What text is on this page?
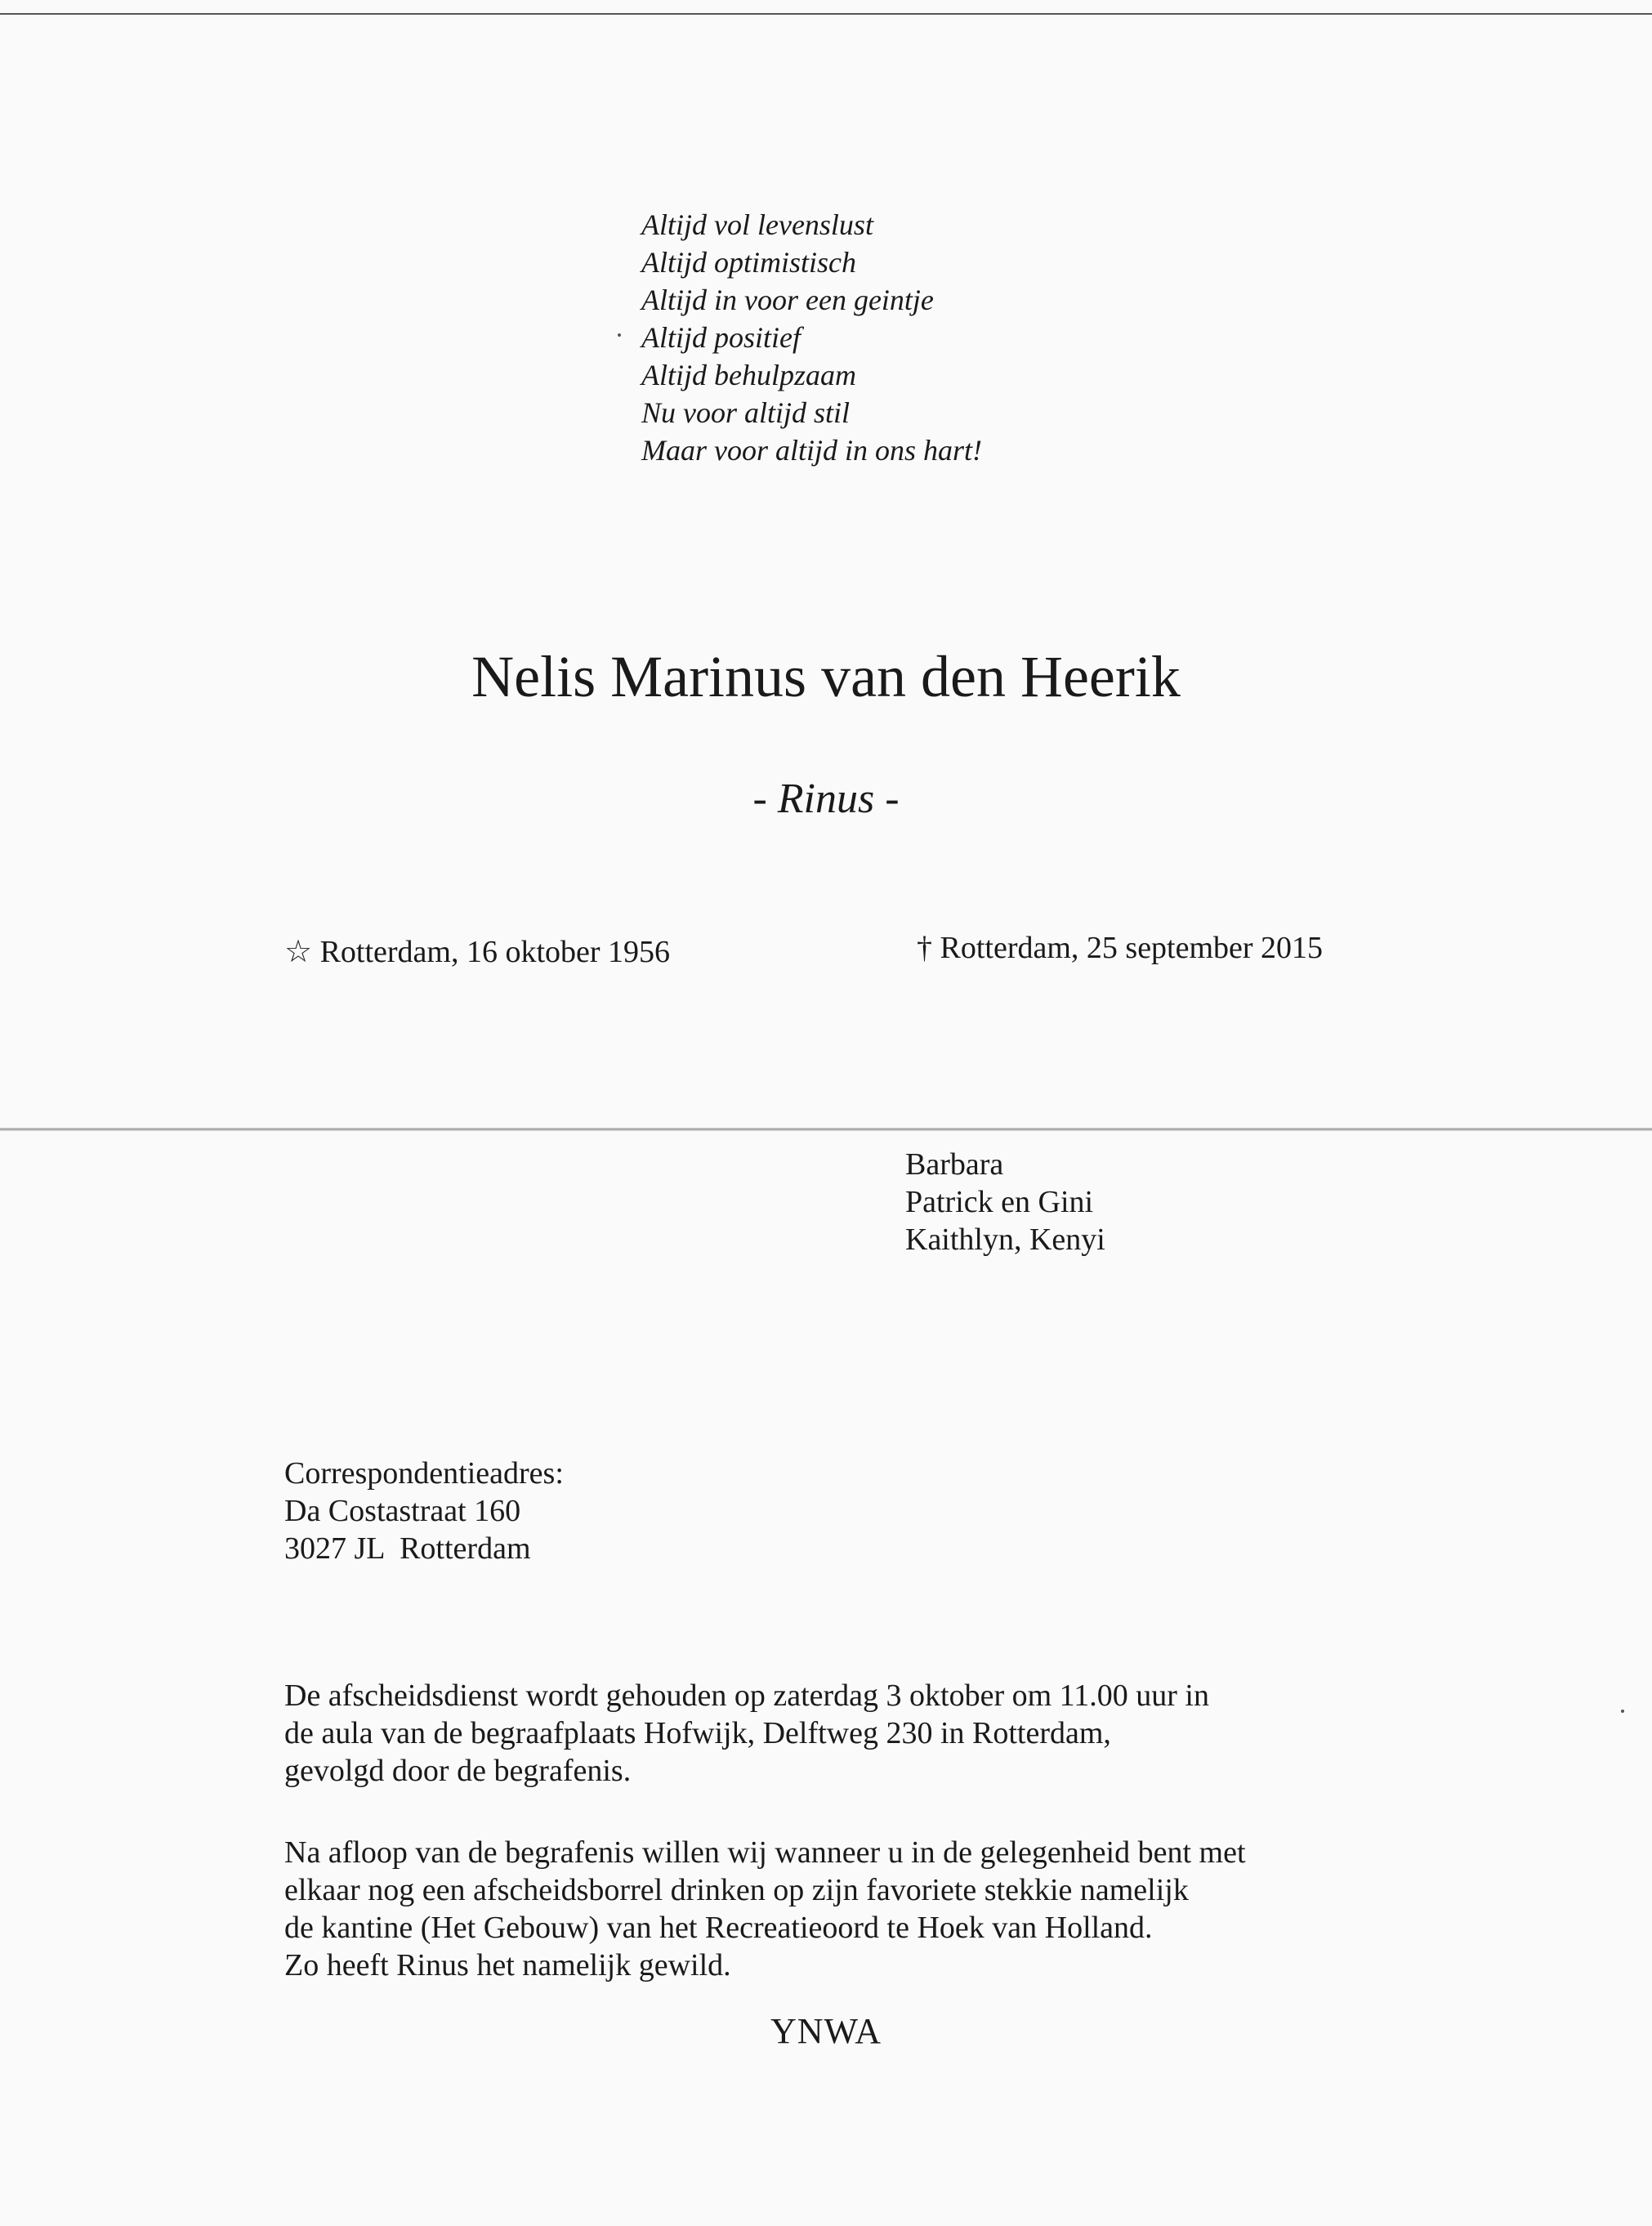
Altijd vol levenslust
Altijd optimistisch
Altijd in voor een geintje
Altijd positief
Altijd behulpzaam
Nu voor altijd stil
Maar voor altijd in ons hart!
Nelis Marinus van den Heerik
- Rinus -
☆ Rotterdam, 16 oktober 1956	† Rotterdam, 25 september 2015
Barbara
Patrick en Gini
Kaithlyn, Kenyi
Correspondentieadres:
Da Costastraat 160
3027 JL  Rotterdam
De afscheidsdienst wordt gehouden op zaterdag 3 oktober om 11.00 uur in
de aula van de begraafplaats Hofwijk, Delftweg 230 in Rotterdam,
gevolgd door de begrafenis.
Na afloop van de begrafenis willen wij wanneer u in de gelegenheid bent met
elkaar nog een afscheidsborrel drinken op zijn favoriete stekkie namelijk
de kantine (Het Gebouw) van het Recreatieoord te Hoek van Holland.
Zo heeft Rinus het namelijk gewild.
YNWA
